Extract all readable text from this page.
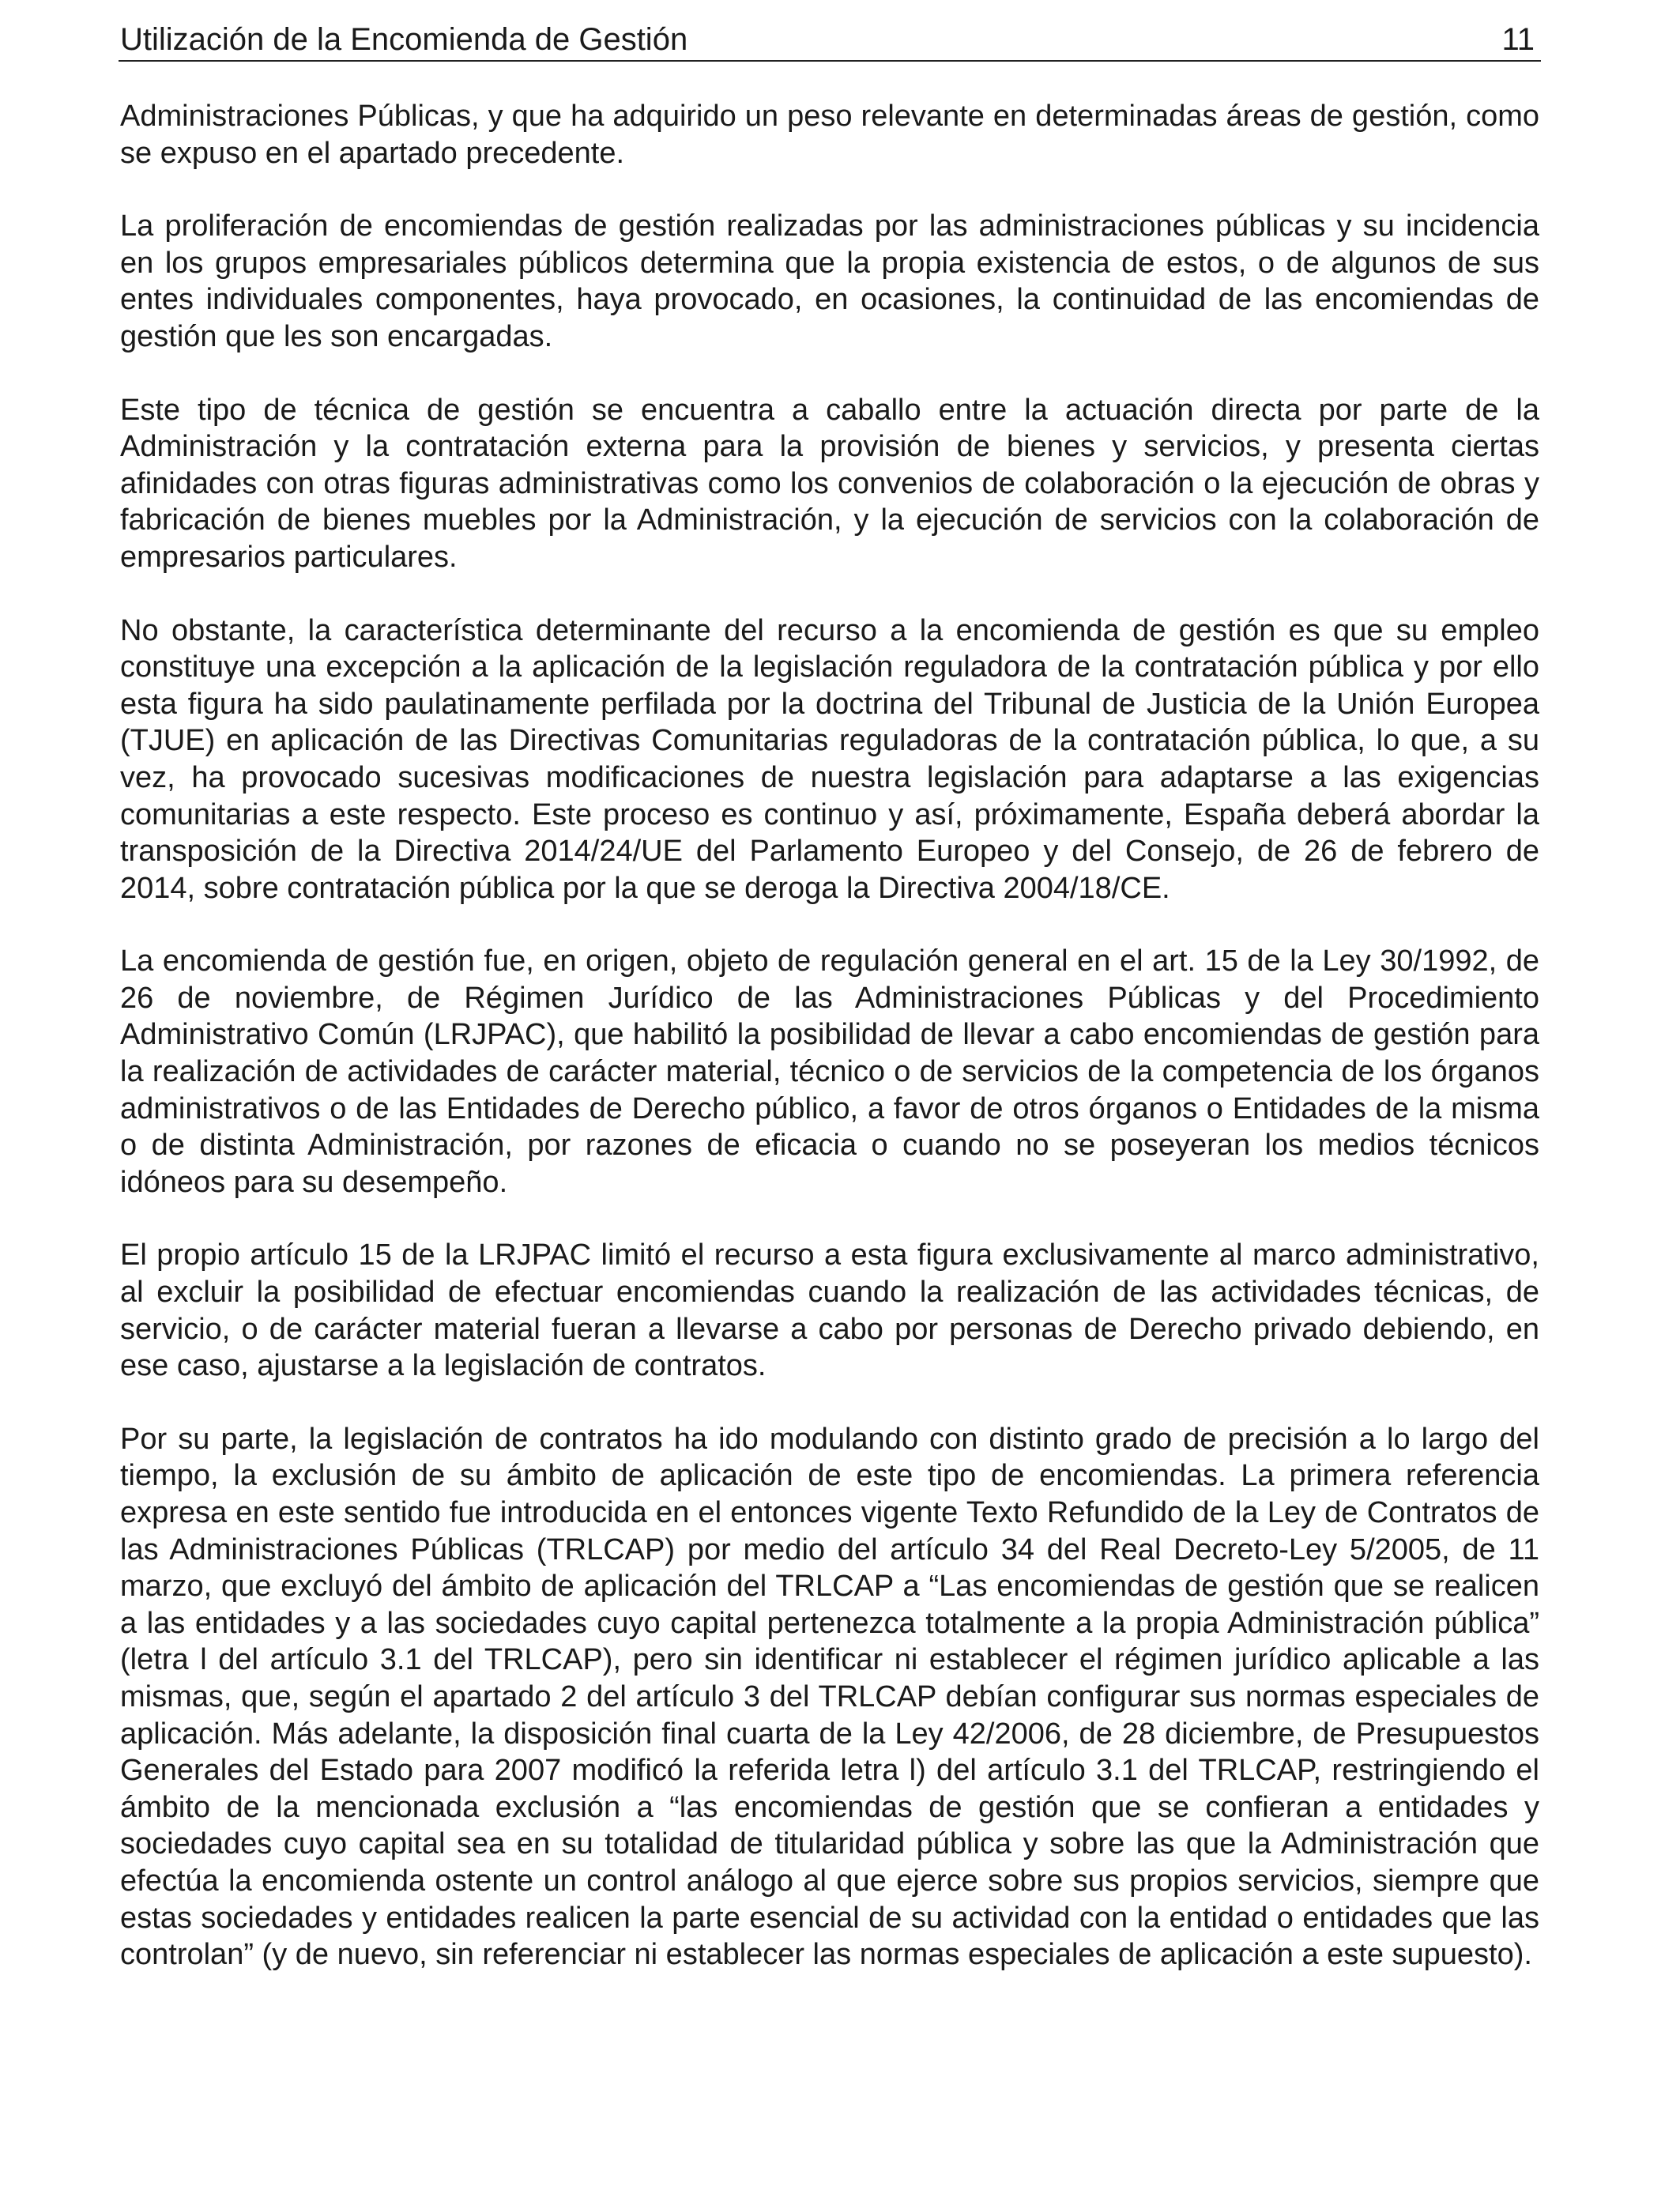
Utilización de la Encomienda de Gestión	11

Administraciones Públicas, y que ha adquirido un peso relevante en determinadas áreas de gestión, como se expuso en el apartado precedente.

La proliferación de encomiendas de gestión realizadas por las administraciones públicas y su incidencia en los grupos empresariales públicos determina que la propia existencia de estos, o de algunos de sus entes individuales componentes, haya provocado, en ocasiones, la continuidad de las encomiendas de gestión que les son encargadas.

Este tipo de técnica de gestión se encuentra a caballo entre la actuación directa por parte de la Administración y la contratación externa para la provisión de bienes y servicios, y presenta ciertas afinidades con otras figuras administrativas como los convenios de colaboración o la ejecución de obras y fabricación de bienes muebles por la Administración, y la ejecución de servicios con la colaboración de empresarios particulares.

No obstante, la característica determinante del recurso a la encomienda de gestión es que su empleo constituye una excepción a la aplicación de la legislación reguladora de la contratación pública y por ello esta figura ha sido paulatinamente perfilada por la doctrina del Tribunal de Justicia de la Unión Europea (TJUE) en aplicación de las Directivas Comunitarias reguladoras de la contratación pública, lo que, a su vez, ha provocado sucesivas modificaciones de nuestra legislación para adaptarse a las exigencias comunitarias a este respecto. Este proceso es continuo y así, próximamente, España deberá abordar la transposición de la Directiva 2014/24/UE del Parlamento Europeo y del Consejo, de 26 de febrero de 2014, sobre contratación pública por la que se deroga la Directiva 2004/18/CE.

La encomienda de gestión fue, en origen, objeto de regulación general en el art. 15 de la Ley 30/1992, de 26 de noviembre, de Régimen Jurídico de las Administraciones Públicas y del Procedimiento Administrativo Común (LRJPAC), que habilitó la posibilidad de llevar a cabo encomiendas de gestión para la realización de actividades de carácter material, técnico o de servicios de la competencia de los órganos administrativos o de las Entidades de Derecho público, a favor de otros órganos o Entidades de la misma o de distinta Administración, por razones de eficacia o cuando no se poseyeran los medios técnicos idóneos para su desempeño.

El propio artículo 15 de la LRJPAC limitó el recurso a esta figura exclusivamente al marco administrativo, al excluir la posibilidad de efectuar encomiendas cuando la realización de las actividades técnicas, de servicio, o de carácter material fueran a llevarse a cabo por personas de Derecho privado debiendo, en ese caso, ajustarse a la legislación de contratos.

Por su parte, la legislación de contratos ha ido modulando con distinto grado de precisión a lo largo del tiempo, la exclusión de su ámbito de aplicación de este tipo de encomiendas. La primera referencia expresa en este sentido fue introducida en el entonces vigente Texto Refundido de la Ley de Contratos de las Administraciones Públicas (TRLCAP) por medio del artículo 34 del Real Decreto-Ley 5/2005, de 11 marzo, que excluyó del ámbito de aplicación del TRLCAP a “Las encomiendas de gestión que se realicen a las entidades y a las sociedades cuyo capital pertenezca totalmente a la propia Administración pública” (letra l del artículo 3.1 del TRLCAP), pero sin identificar ni establecer el régimen jurídico aplicable a las mismas, que, según el apartado 2 del artículo 3 del TRLCAP debían configurar sus normas especiales de aplicación. Más adelante, la disposición final cuarta de la Ley 42/2006, de 28 diciembre, de Presupuestos Generales del Estado para 2007 modificó la referida letra l) del artículo 3.1 del TRLCAP, restringiendo el ámbito de la mencionada exclusión a “las encomiendas de gestión que se confieran a entidades y sociedades cuyo capital sea en su totalidad de titularidad pública y sobre las que la Administración que efectúa la encomienda ostente un control análogo al que ejerce sobre sus propios servicios, siempre que estas sociedades y entidades realicen la parte esencial de su actividad con la entidad o entidades que las controlan” (y de nuevo, sin referenciar ni establecer las normas especiales de aplicación a este supuesto).
